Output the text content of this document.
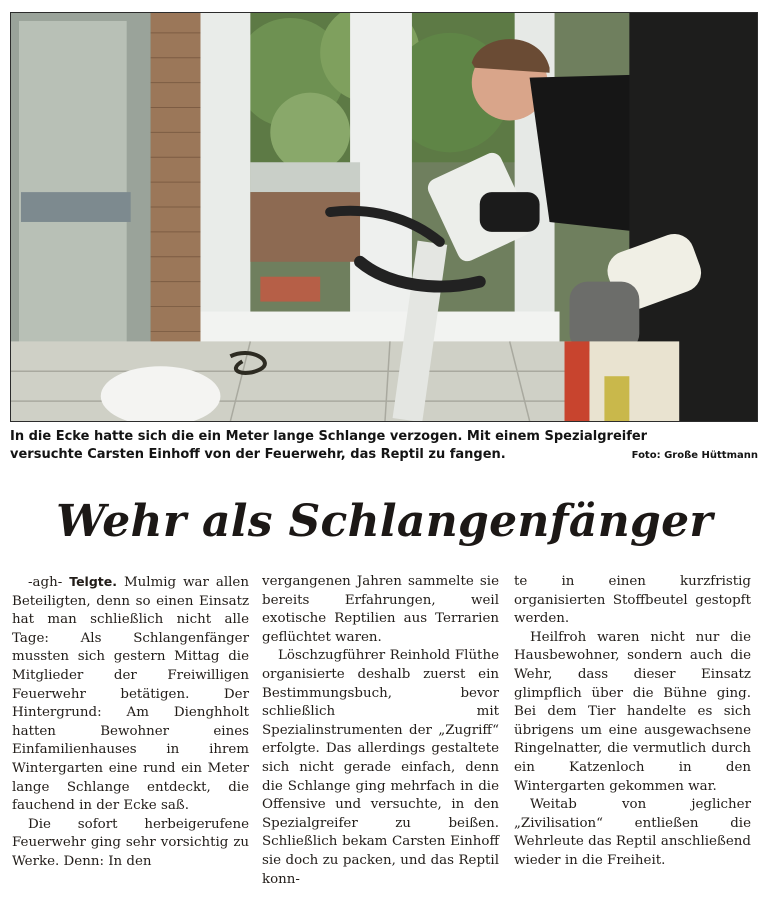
In die Ecke hatte sich die ein Meter lange Schlange verzogen. Mit einem Spezialgreifer
versuchte Carsten Einhoff von der Feuerwehr, das Reptil zu fangen.	Foto: Große Hüttmann
Wehr als Schlangenfänger

-agh- Telgte. Mulmig war allen Beteiligten, denn so einen Einsatz hat man schließlich nicht alle Tage: Als Schlangenfänger mussten sich gestern Mittag die Mitglieder der Freiwilligen Feuerwehr betätigen. Der Hintergrund: Am Dienghholt hatten Bewohner eines Einfamilienhauses in ihrem Wintergarten eine rund ein Meter lange Schlange entdeckt, die fauchend in der Ecke saß.

Die sofort herbeigerufene Feuerwehr ging sehr vorsichtig zu Werke. Denn: In den

vergangenen Jahren sammelte sie bereits Erfahrungen, weil exotische Reptilien aus Terrarien geflüchtet waren.

Löschzugführer Reinhold Flüthe organisierte deshalb zuerst ein Bestimmungsbuch, bevor schließlich mit Spezialinstrumenten der „Zugriff“ erfolgte. Das allerdings gestaltete sich nicht gerade einfach, denn die Schlange ging mehrfach in die Offensive und versuchte, in den Spezialgreifer zu beißen. Schließlich bekam Carsten Einhoff sie doch zu packen, und das Reptil konn-

te in einen kurzfristig organisierten Stoffbeutel gestopft werden.

Heilfroh waren nicht nur die Hausbewohner, sondern auch die Wehr, dass dieser Einsatz glimpflich über die Bühne ging. Bei dem Tier handelte es sich übrigens um eine ausgewachsene Ringelnatter, die vermutlich durch ein Katzenloch in den Wintergarten gekommen war.

Weitab von jeglicher „Zivilisation“ entließen die Wehrleute das Reptil anschließend wieder in die Freiheit.
